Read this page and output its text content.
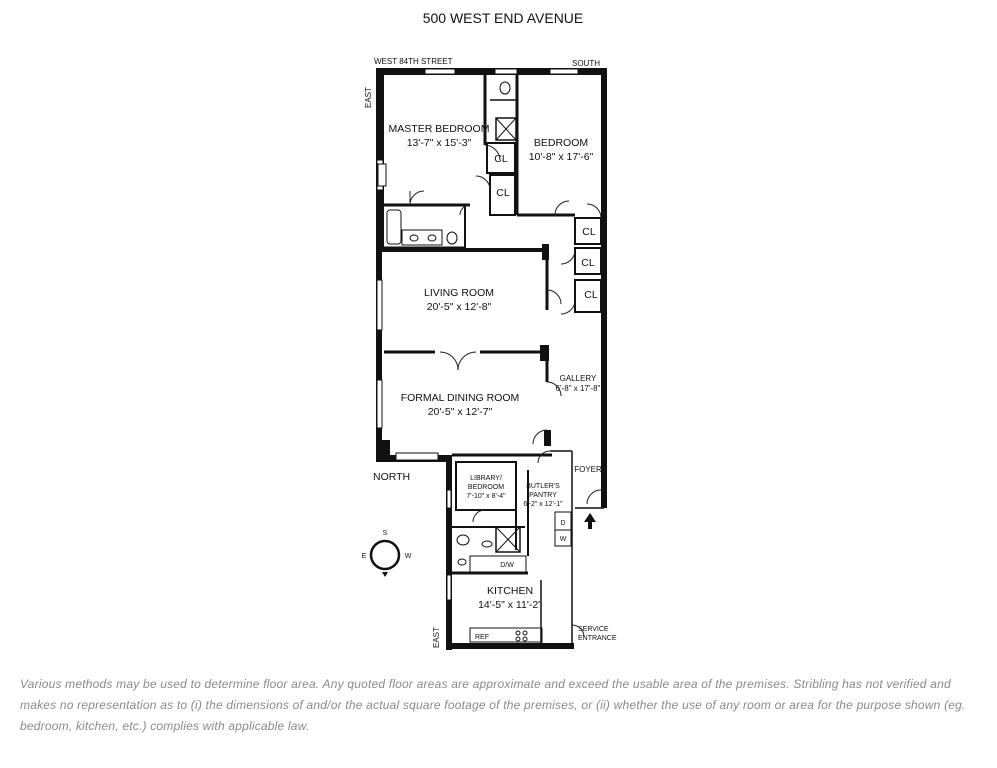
500 WEST END AVENUE
WEST 84TH STREET	SOUTH
EAST
EAST
NORTH
MASTER BEDROOM
13'-7" x 15'-3"	BEDROOM
10'-8" x 17'-6"
LIVING ROOM
20'-5" x 12'-8"
FORMAL DINING ROOM
20'-5" x 12'-7"
GALLERY
6'-8" x 17'-8"
FOYER
LIBRARY/
BEDROOM
7'-10" x 8'-4"
BUTLER'S
PANTRY
6'-2" x 12'-1"
KITCHEN
14'-5" x 11'-2"
CL
CL
CL
CL
CL
D/W
D
W
REF
SERVICE
ENTRANCE
S
E	W
Various methods may be used to determine floor area. Any quoted floor areas are approximate and exceed the usable area of the premises. Stribling has not verified and makes no representation as to (i) the dimensions of and/or the actual square footage of the premises, or (ii) whether the use of any room or area for the purpose shown (eg. bedroom, kitchen, etc.) complies with applicable law.
